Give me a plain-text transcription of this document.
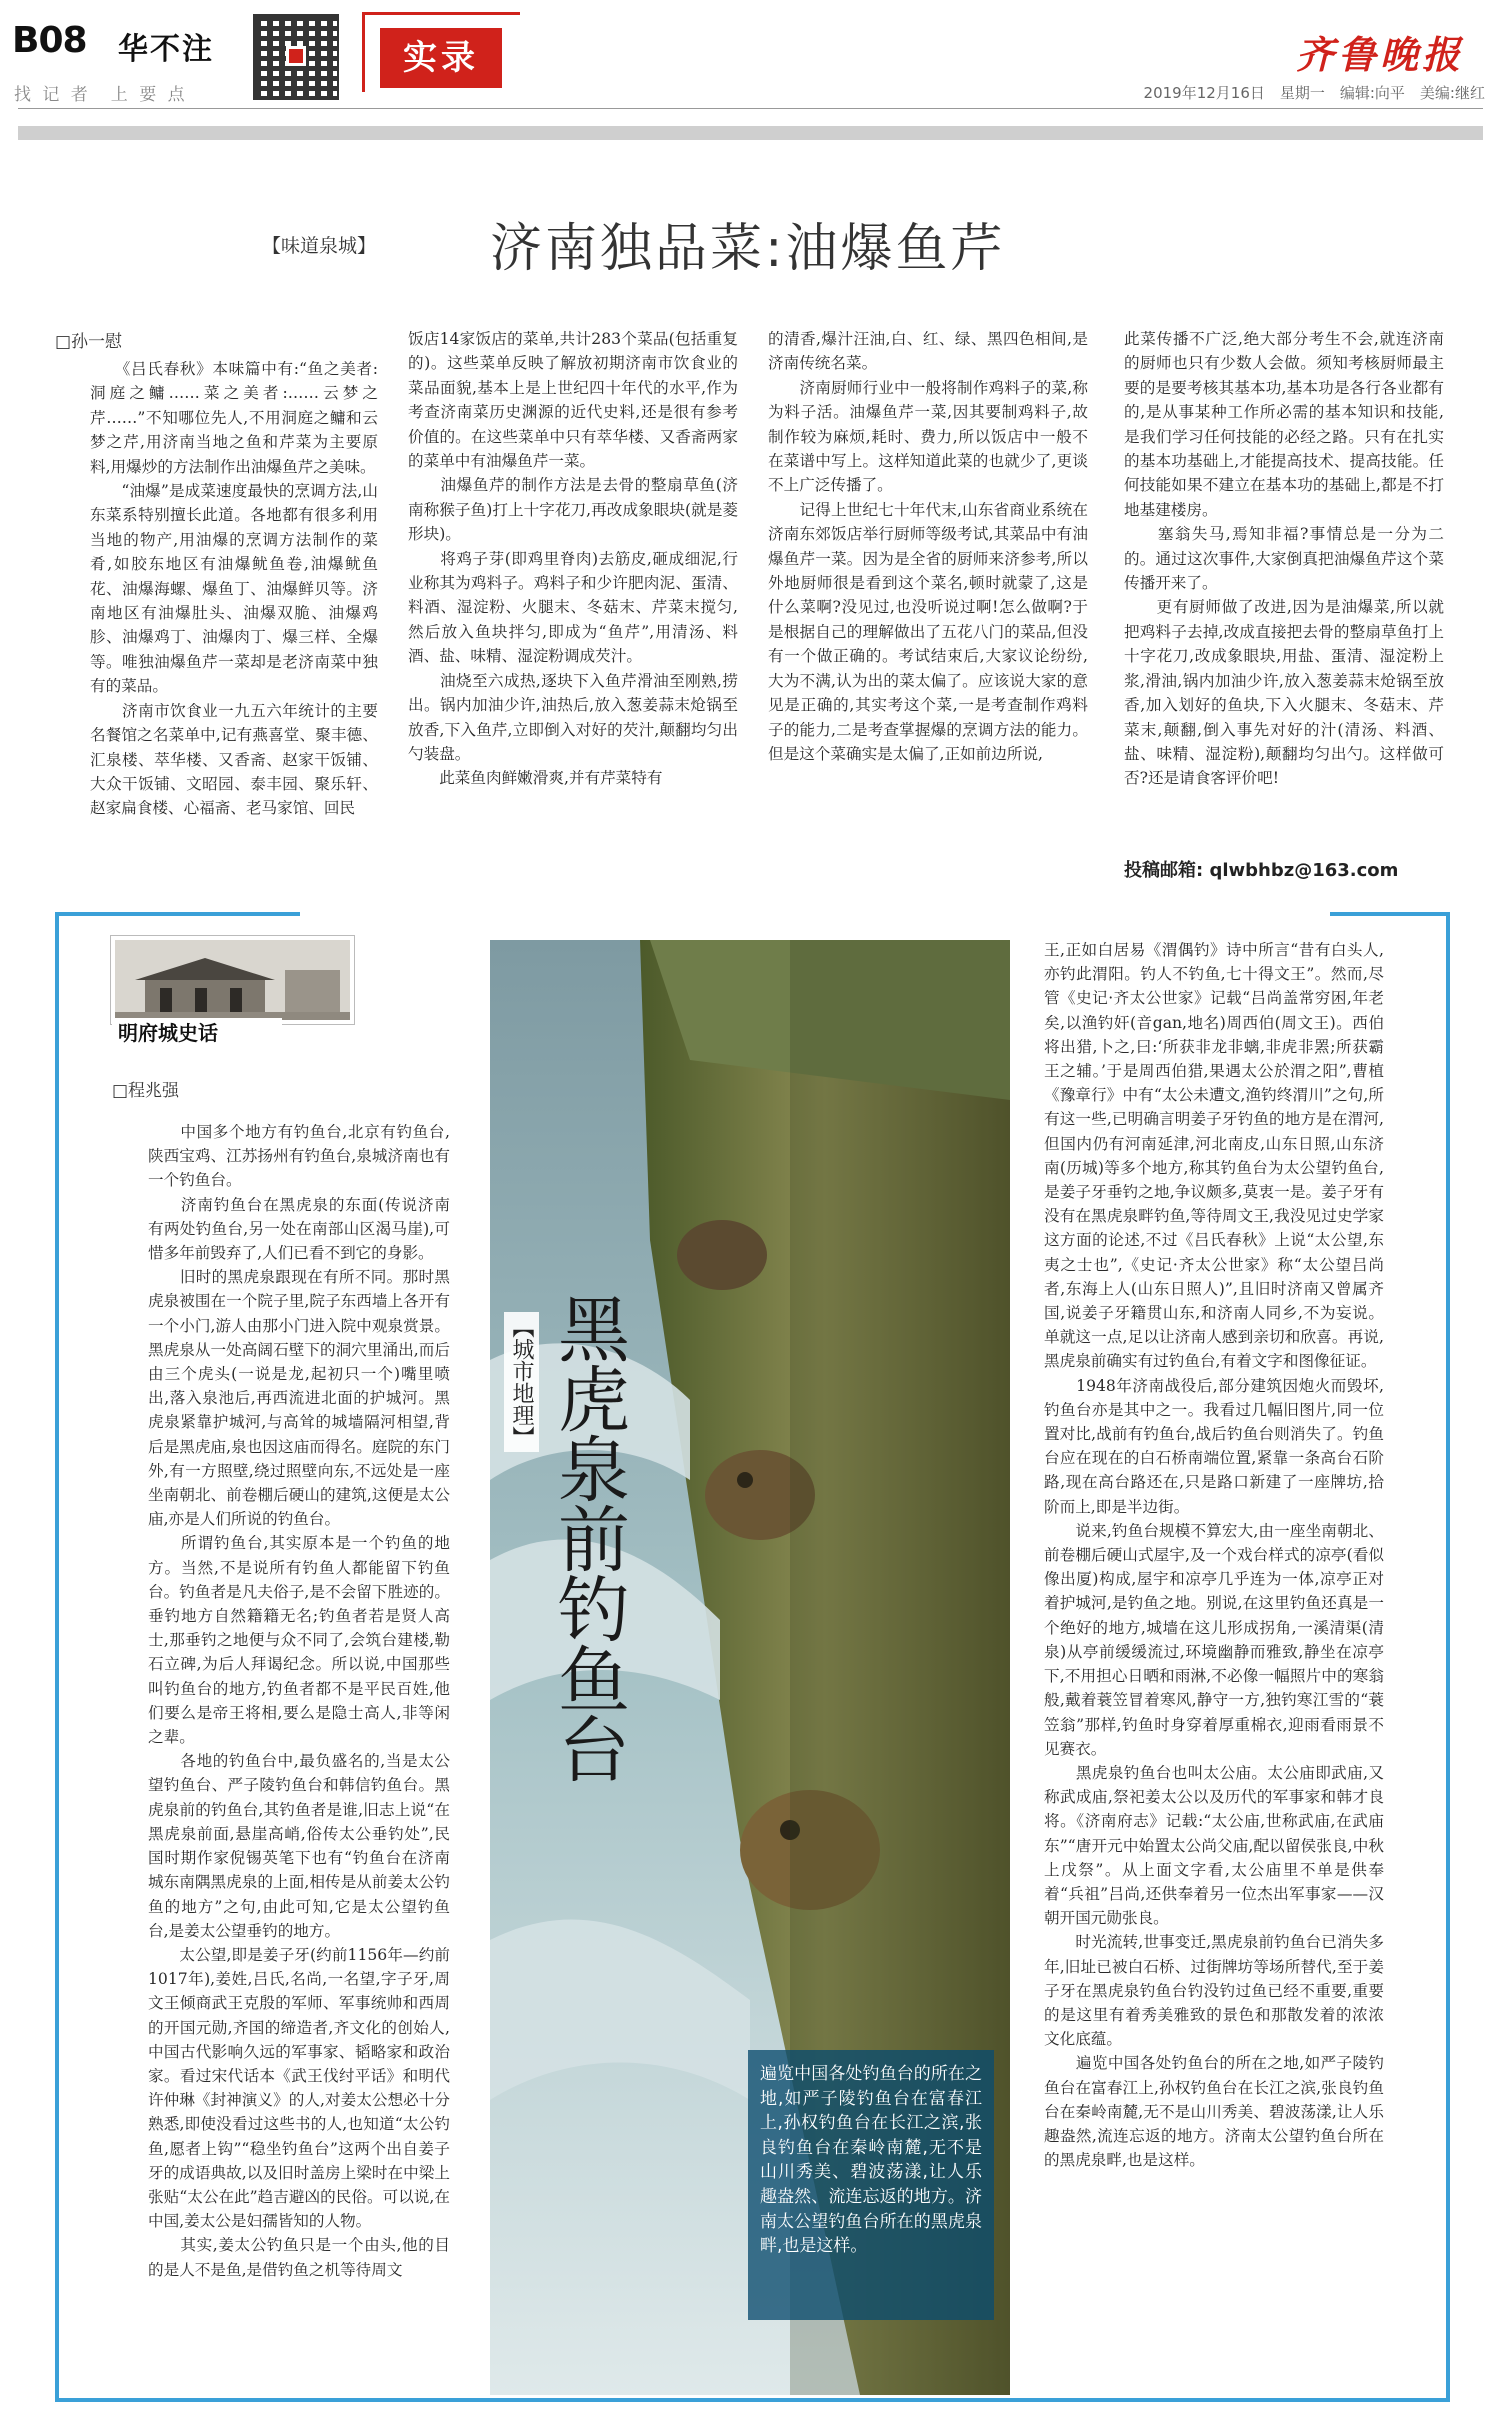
B08 华不注
找 记 者　上 要 点
实录	齐鲁晚报
2019年12月16日　星期一　编辑:向平　美编:继红
【味道泉城】 济南独品菜:油爆鱼芹
□孙一慰
　　《吕氏春秋》本味篇中有:“鱼之美者:洞庭之鳙……菜之美者:……云梦之芹……”不知哪位先人,不用洞庭之鳙和云梦之芹,用济南当地之鱼和芹菜为主要原料,用爆炒的方法制作出油爆鱼芹之美味。
　　“油爆”是成菜速度最快的烹调方法,山东菜系特别擅长此道。各地都有很多利用当地的物产,用油爆的烹调方法制作的菜肴,如胶东地区有油爆鱿鱼卷,油爆鱿鱼花、油爆海螺、爆鱼丁、油爆鲜贝等。济南地区有油爆肚头、油爆双脆、油爆鸡胗、油爆鸡丁、油爆肉丁、爆三样、全爆等。唯独油爆鱼芹一菜却是老济南菜中独有的菜品。
　　济南市饮食业一九五六年统计的主要名餐馆之名菜单中,记有燕喜堂、聚丰德、汇泉楼、萃华楼、又香斋、赵家干饭铺、大众干饭铺、文昭园、泰丰园、聚乐轩、赵家扁食楼、心福斋、老马家馆、回民
饭店14家饭店的菜单,共计283个菜品(包括重复的)。这些菜单反映了解放初期济南市饮食业的菜品面貌,基本上是上世纪四十年代的水平,作为考查济南菜历史渊源的近代史料,还是很有参考价值的。在这些菜单中只有萃华楼、又香斋两家的菜单中有油爆鱼芹一菜。
　　油爆鱼芹的制作方法是去骨的整扇草鱼(济南称猴子鱼)打上十字花刀,再改成象眼块(就是菱形块)。
　　将鸡子芽(即鸡里脊肉)去筋皮,砸成细泥,行业称其为鸡料子。鸡料子和少许肥肉泥、蛋清、料酒、湿淀粉、火腿末、冬菇末、芹菜末搅匀,然后放入鱼块拌匀,即成为“鱼芹”,用清汤、料酒、盐、味精、湿淀粉调成芡汁。
　　油烧至六成热,逐块下入鱼芹滑油至刚熟,捞出。锅内加油少许,油热后,放入葱姜蒜末炝锅至放香,下入鱼芹,立即倒入对好的芡汁,颠翻均匀出勺装盘。
　　此菜鱼肉鲜嫩滑爽,并有芹菜特有
的清香,爆汁汪油,白、红、绿、黑四色相间,是济南传统名菜。
　　济南厨师行业中一般将制作鸡料子的菜,称为料子活。油爆鱼芹一菜,因其要制鸡料子,故制作较为麻烦,耗时、费力,所以饭店中一般不在菜谱中写上。这样知道此菜的也就少了,更谈不上广泛传播了。
　　记得上世纪七十年代末,山东省商业系统在济南东郊饭店举行厨师等级考试,其菜品中有油爆鱼芹一菜。因为是全省的厨师来济参考,所以外地厨师很是看到这个菜名,顿时就蒙了,这是什么菜啊?没见过,也没听说过啊!怎么做啊?于是根据自己的理解做出了五花八门的菜品,但没有一个做正确的。考试结束后,大家议论纷纷,大为不满,认为出的菜太偏了。应该说大家的意见是正确的,其实考这个菜,一是考查制作鸡料子的能力,二是考查掌握爆的烹调方法的能力。但是这个菜确实是太偏了,正如前边所说,
此菜传播不广泛,绝大部分考生不会,就连济南的厨师也只有少数人会做。须知考核厨师最主要的是要考核其基本功,基本功是各行各业都有的,是从事某种工作所必需的基本知识和技能,是我们学习任何技能的必经之路。只有在扎实的基本功基础上,才能提高技术、提高技能。任何技能如果不建立在基本功的基础上,都是不打地基建楼房。
　　塞翁失马,焉知非福?事情总是一分为二的。通过这次事件,大家倒真把油爆鱼芹这个菜传播开来了。
　　更有厨师做了改进,因为是油爆菜,所以就把鸡料子去掉,改成直接把去骨的整扇草鱼打上十字花刀,改成象眼块,用盐、蛋清、湿淀粉上浆,滑油,锅内加油少许,放入葱姜蒜末炝锅至放香,加入划好的鱼块,下入火腿末、冬菇末、芹菜末,颠翻,倒入事先对好的汁(清汤、料酒、盐、味精、湿淀粉),颠翻均匀出勺。这样做可否?还是请食客评价吧!
投稿邮箱: qlwbhbz@163.com
明府城史话
□程兆强
　　中国多个地方有钓鱼台,北京有钓鱼台,陕西宝鸡、江苏扬州有钓鱼台,泉城济南也有一个钓鱼台。
　　济南钓鱼台在黑虎泉的东面(传说济南有两处钓鱼台,另一处在南部山区渴马崖),可惜多年前毁弃了,人们已看不到它的身影。
　　旧时的黑虎泉跟现在有所不同。那时黑虎泉被围在一个院子里,院子东西墙上各开有一个小门,游人由那小门进入院中观泉赏景。黑虎泉从一处高阔石壁下的洞穴里涌出,而后由三个虎头(一说是龙,起初只一个)嘴里喷出,落入泉池后,再西流进北面的护城河。黑虎泉紧靠护城河,与高耸的城墙隔河相望,背后是黑虎庙,泉也因这庙而得名。庭院的东门外,有一方照壁,绕过照壁向东,不远处是一座坐南朝北、前卷棚后硬山的建筑,这便是太公庙,亦是人们所说的钓鱼台。
　　所谓钓鱼台,其实原本是一个钓鱼的地方。当然,不是说所有钓鱼人都能留下钓鱼台。钓鱼者是凡夫俗子,是不会留下胜迹的。垂钓地方自然籍籍无名;钓鱼者若是贤人高士,那垂钓之地便与众不同了,会筑台建楼,勒石立碑,为后人拜谒纪念。所以说,中国那些叫钓鱼台的地方,钓鱼者都不是平民百姓,他们要么是帝王将相,要么是隐士高人,非等闲之辈。
　　各地的钓鱼台中,最负盛名的,当是太公望钓鱼台、严子陵钓鱼台和韩信钓鱼台。黑虎泉前的钓鱼台,其钓鱼者是谁,旧志上说“在黑虎泉前面,悬崖高峭,俗传太公垂钓处”,民国时期作家倪锡英笔下也有“钓鱼台在济南城东南隅黑虎泉的上面,相传是从前姜太公钓鱼的地方”之句,由此可知,它是太公望钓鱼台,是姜太公望垂钓的地方。
　　太公望,即是姜子牙(约前1156年—约前1017年),姜姓,吕氏,名尚,一名望,字子牙,周文王倾商武王克殷的军师、军事统帅和西周的开国元勋,齐国的缔造者,齐文化的创始人,中国古代影响久远的军事家、韬略家和政治家。看过宋代话本《武王伐纣平话》和明代许仲琳《封神演义》的人,对姜太公想必十分熟悉,即使没看过这些书的人,也知道“太公钓鱼,愿者上钩”“稳坐钓鱼台”这两个出自姜子牙的成语典故,以及旧时盖房上梁时在中梁上张贴“太公在此”趋吉避凶的民俗。可以说,在中国,姜太公是妇孺皆知的人物。
　　其实,姜太公钓鱼只是一个由头,他的目的是人不是鱼,是借钓鱼之机等待周文
【城市地理】 黑虎泉前钓鱼台
遍览中国各处钓鱼台的所在之地,如严子陵钓鱼台在富春江上,孙权钓鱼台在长江之滨,张良钓鱼台在秦岭南麓,无不是山川秀美、碧波荡漾,让人乐趣盎然、流连忘返的地方。济南太公望钓鱼台所在的黑虎泉畔,也是这样。
王,正如白居易《渭偶钓》诗中所言“昔有白头人,亦钓此渭阳。钓人不钓鱼,七十得文王”。然而,尽管《史记·齐太公世家》记载“吕尚盖常穷困,年老矣,以渔钓奸(音gan,地名)周西伯(周文王)。西伯将出猎,卜之,曰:‘所获非龙非螭,非虎非罴;所获霸王之辅。’于是周西伯猎,果遇太公於渭之阳”,曹植《豫章行》中有“太公未遭文,渔钓终渭川”之句,所有这一些,已明确言明姜子牙钓鱼的地方是在渭河,但国内仍有河南延津,河北南皮,山东日照,山东济南(历城)等多个地方,称其钓鱼台为太公望钓鱼台,是姜子牙垂钓之地,争议颇多,莫衷一是。姜子牙有没有在黑虎泉畔钓鱼,等待周文王,我没见过史学家这方面的论述,不过《吕氏春秋》上说“太公望,东夷之士也”,《史记·齐太公世家》称“太公望吕尚者,东海上人(山东日照人)”,且旧时济南又曾属齐国,说姜子牙籍贯山东,和济南人同乡,不为妄说。单就这一点,足以让济南人感到亲切和欣喜。再说,黑虎泉前确实有过钓鱼台,有着文字和图像征证。
　　1948年济南战役后,部分建筑因炮火而毁坏,钓鱼台亦是其中之一。我看过几幅旧图片,同一位置对比,战前有钓鱼台,战后钓鱼台则消失了。钓鱼台应在现在的白石桥南端位置,紧靠一条高台石阶路,现在高台路还在,只是路口新建了一座牌坊,拾阶而上,即是半边街。
　　说来,钓鱼台规模不算宏大,由一座坐南朝北、前卷棚后硬山式屋宇,及一个戏台样式的凉亭(看似像出厦)构成,屋宇和凉亭几乎连为一体,凉亭正对着护城河,是钓鱼之地。别说,在这里钓鱼还真是一个绝好的地方,城墙在这儿形成拐角,一溪清渠(清泉)从亭前缓缓流过,环境幽静而雅致,静坐在凉亭下,不用担心日晒和雨淋,不必像一幅照片中的寒翁般,戴着蓑笠冒着寒风,静守一方,独钓寒江雪的“蓑笠翁”那样,钓鱼时身穿着厚重棉衣,迎雨看雨景不见赛衣。
　　黑虎泉钓鱼台也叫太公庙。太公庙即武庙,又称武成庙,祭祀姜太公以及历代的军事家和韩才良将。《济南府志》记载:“太公庙,世称武庙,在武庙东”“唐开元中始置太公尚父庙,配以留侯张良,中秋上戊祭”。从上面文字看,太公庙里不单是供奉着“兵祖”吕尚,还供奉着另一位杰出军事家——汉朝开国元勋张良。
　　时光流转,世事变迁,黑虎泉前钓鱼台已消失多年,旧址已被白石桥、过街牌坊等场所替代,至于姜子牙在黑虎泉钓鱼台钓没钓过鱼已经不重要,重要的是这里有着秀美雅致的景色和那散发着的浓浓文化底蕴。
　　遍览中国各处钓鱼台的所在之地,如严子陵钓鱼台在富春江上,孙权钓鱼台在长江之滨,张良钓鱼台在秦岭南麓,无不是山川秀美、碧波荡漾,让人乐趣盎然,流连忘返的地方。济南太公望钓鱼台所在的黑虎泉畔,也是这样。
